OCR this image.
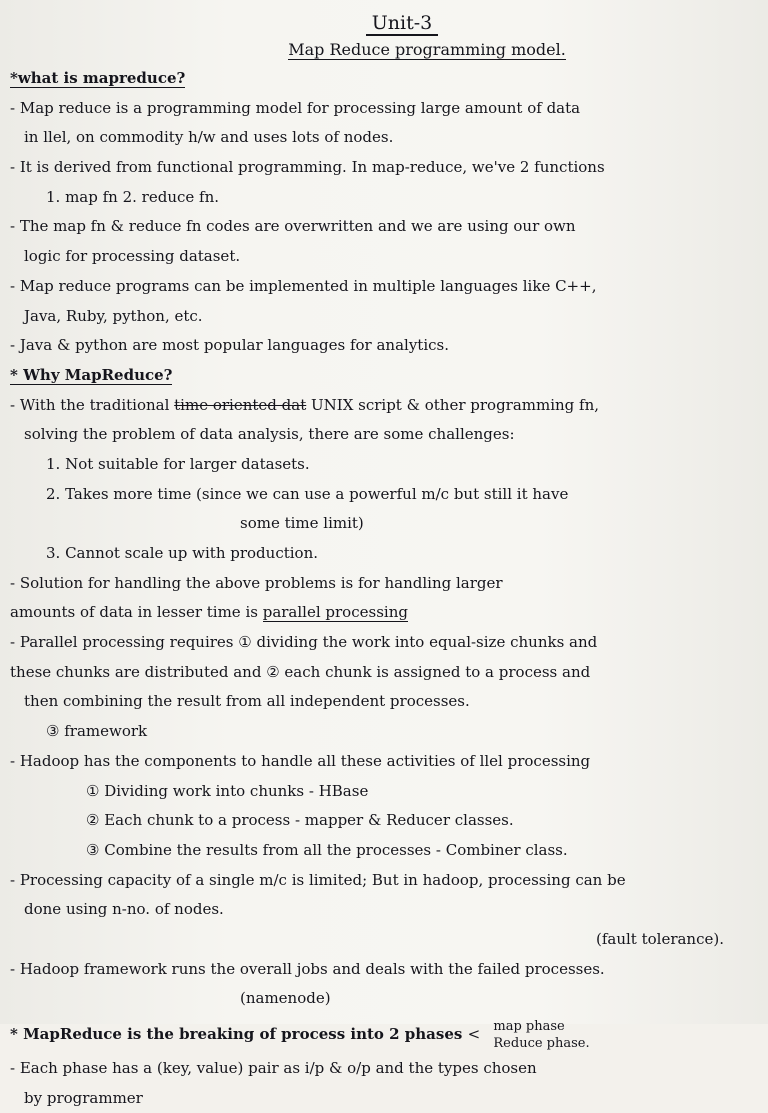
Unit-3
Map Reduce programming model.
*what is mapreduce?
- Map reduce is a programming model for processing large amount of data
in llel, on commodity h/w and uses lots of nodes.
- It is derived from functional programming. In map-reduce, we've 2 functions
1. map fn 2. reduce fn.
- The map fn & reduce fn codes are overwritten and we are using our own
logic for processing dataset.
- Map reduce programs can be implemented in multiple languages like C++,
Java, Ruby, python, etc.
- Java & python are most popular languages for analytics.
* Why MapReduce?
- With the traditional time oriented dat UNIX script & other programming fn,
solving the problem of data analysis, there are some challenges:
1. Not suitable for larger datasets.
2. Takes more time (since we can use a powerful m/c but still it have
some time limit)
3. Cannot scale up with production.
- Solution for handling the above problems is for handling larger
amounts of data in lesser time is parallel processing
- Parallel processing requires ① dividing the work into equal-size chunks and
these chunks are distributed and ② each chunk is assigned to a process and
then combining the result from all independent processes.
③ framework
- Hadoop has the components to handle all these activities of llel processing
① Dividing work into chunks - HBase
② Each chunk to a process - mapper & Reducer classes.
③ Combine the results from all the processes - Combiner class.
- Processing capacity of a single m/c is limited; But in hadoop, processing can be
done using n-no. of nodes.
(fault tolerance).
- Hadoop framework runs the overall jobs and deals with the failed processes.
(namenode)
* MapReduce is the breaking of process into 2 phases < map phase
Reduce phase.
- Each phase has a (key, value) pair as i/p & o/p and the types chosen
by programmer
